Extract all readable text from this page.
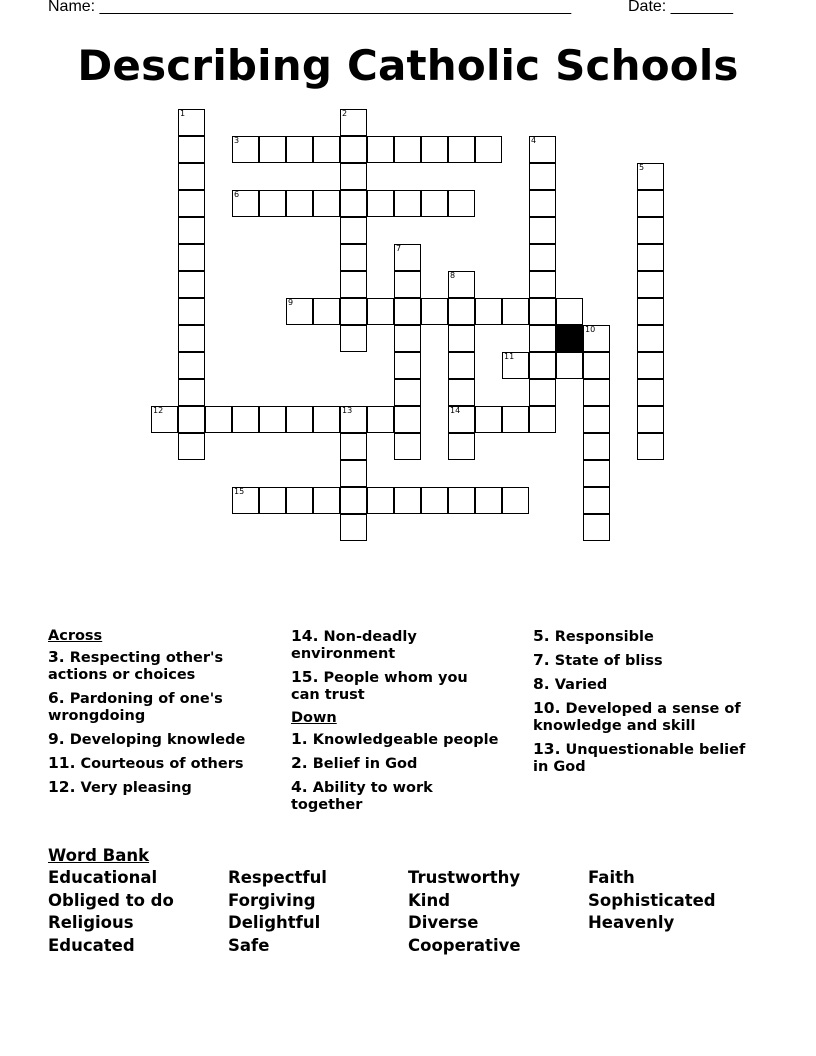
Name: _____________________________________________________	Date: _______
Describing Catholic Schools
1	2
3	4
5
6
7
8
9
10
11
12	13	14
15
Across
3. Respecting other's actions or choices
6. Pardoning of one's wrongdoing
9. Developing knowlede
11. Courteous of others
12. Very pleasing
14. Non-deadly environment
15. People whom you can trust
Down
1. Knowledgeable people
2. Belief in God
4. Ability to work together
5. Responsible
7. State of bliss
8. Varied
10. Developed a sense of knowledge and skill
13. Unquestionable belief in God
Word Bank
Educational
Obliged to do
Religious
Educated
Respectful
Forgiving
Delightful
Safe
Trustworthy
Kind
Diverse
Cooperative
Faith
Sophisticated
Heavenly
